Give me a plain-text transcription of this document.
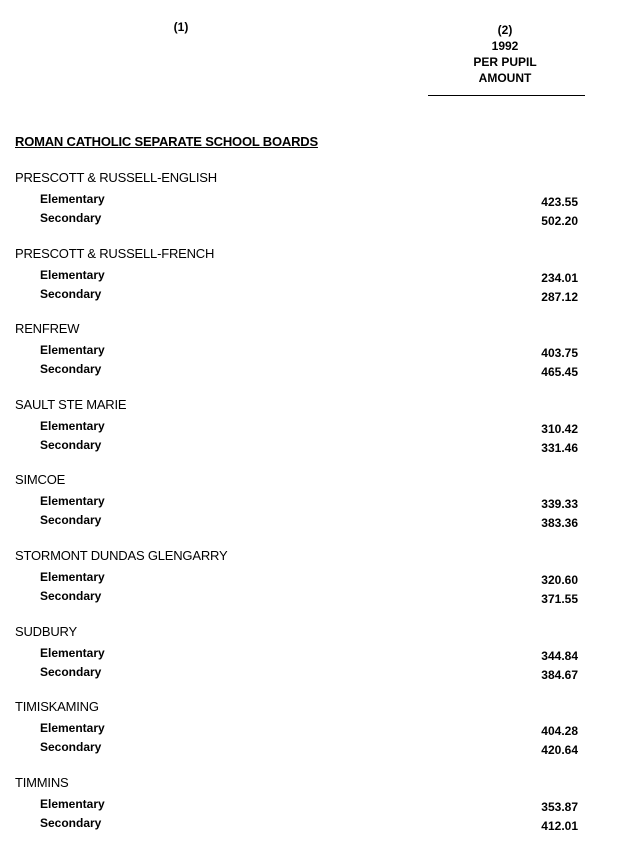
(1)	(2)
1992
PER PUPIL
AMOUNT
ROMAN CATHOLIC SEPARATE SCHOOL BOARDS
PRESCOTT & RUSSELL-ENGLISH
Elementary	423.55
Secondary	502.20
PRESCOTT & RUSSELL-FRENCH
Elementary	234.01
Secondary	287.12
RENFREW
Elementary	403.75
Secondary	465.45
SAULT STE MARIE
Elementary	310.42
Secondary	331.46
SIMCOE
Elementary	339.33
Secondary	383.36
STORMONT DUNDAS GLENGARRY
Elementary	320.60
Secondary	371.55
SUDBURY
Elementary	344.84
Secondary	384.67
TIMISKAMING
Elementary	404.28
Secondary	420.64
TIMMINS
Elementary	353.87
Secondary	412.01
